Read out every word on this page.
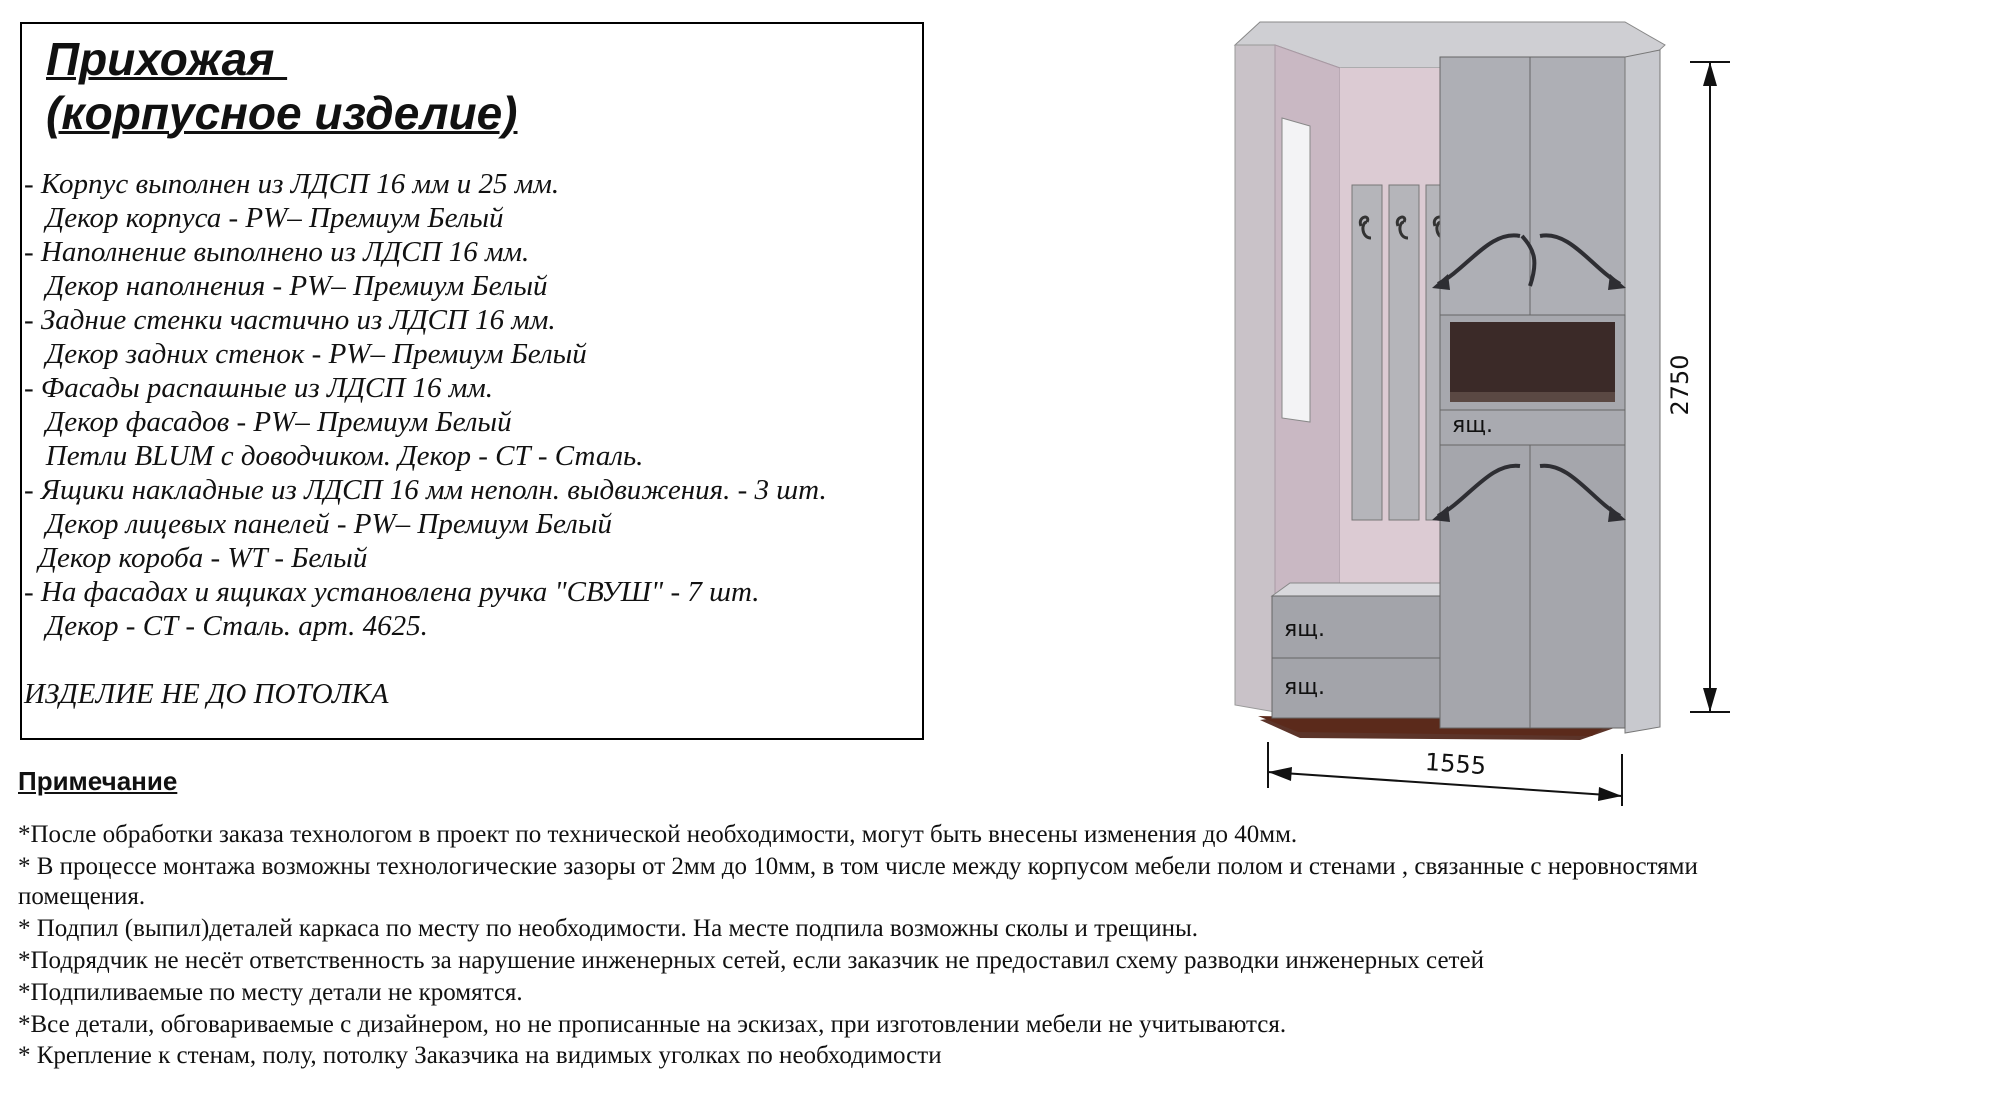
Прихожая
(корпусное изделие)
- Корпус выполнен из ЛДСП 16 мм и 25 мм.
Декор корпуса - PW– Премиум Белый
- Наполнение выполнено из ЛДСП 16 мм.
Декор наполнения - PW– Премиум Белый
- Задние стенки частично из ЛДСП 16 мм.
Декор задних стенок - PW– Премиум Белый
- Фасады распашные из ЛДСП 16 мм.
Декор фасадов - PW– Премиум Белый
Петли BLUM с доводчиком. Декор - СТ - Сталь.
- Ящики накладные из ЛДСП 16 мм неполн. выдвижения. - 3 шт.
Декор лицевых панелей - PW– Премиум Белый
Декор короба - WT - Белый
- На фасадах и ящиках установлена ручка "СВУШ" - 7 шт.
Декор - СТ - Сталь. арт. 4625.
ИЗДЕЛИЕ НЕ ДО ПОТОЛКА
Примечание
*После обработки заказа технологом в проект по технической необходимости, могут быть внесены изменения до 40мм.
* В процессе монтажа возможны технологические зазоры от 2мм до 10мм, в том числе между корпусом мебели полом и стенами , связанные с неровностями
помещения.
* Подпил (выпил)деталей каркаса по месту по необходимости. На месте подпила возможны сколы и трещины.
*Подрядчик не несёт ответственность за нарушение инженерных сетей, если заказчик не предоставил схему разводки инженерных сетей
*Подпиливаемые по месту детали не кромятся.
*Все детали, обговариваемые с дизайнером, но не прописанные на эскизах, при изготовлении мебели не учитываются.
* Крепление к стенам, полу, потолку Заказчика на видимых уголках по необходимости
ящ.
ящ.
ящ.
2750
1555
